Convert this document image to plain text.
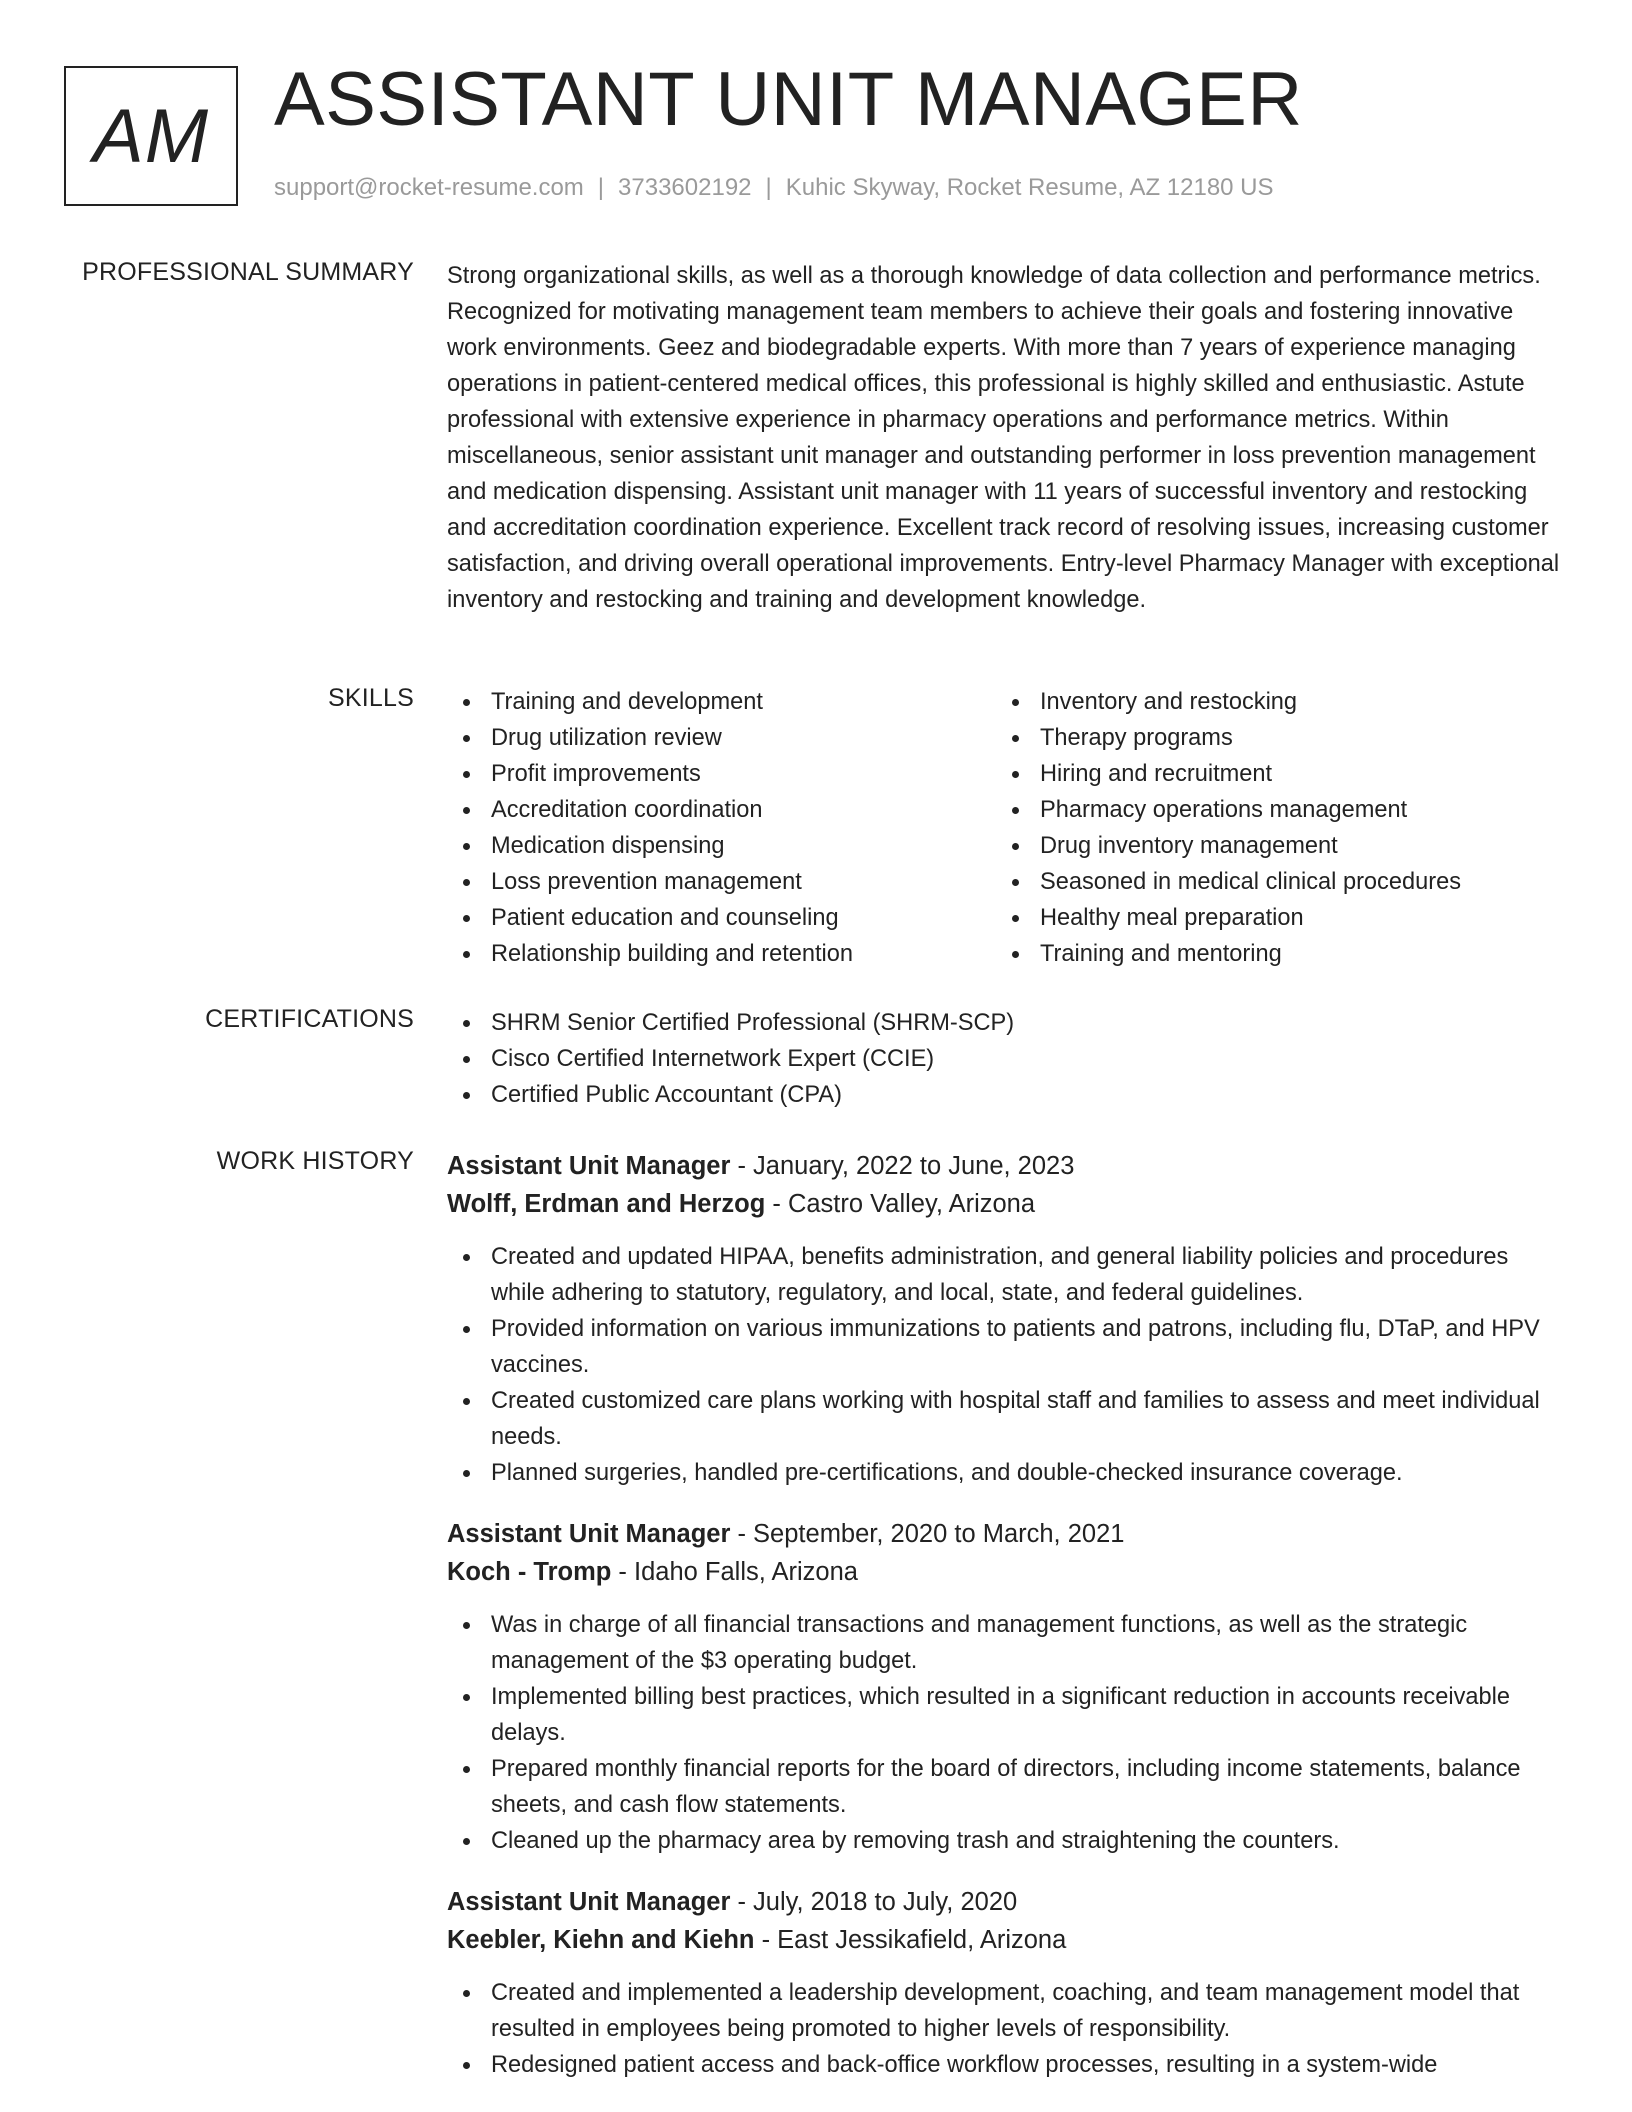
AM ASSISTANT UNIT MANAGER
support@rocket-resume.com | 3733602192 | Kuhic Skyway, Rocket Resume, AZ 12180 US
PROFESSIONAL SUMMARY Strong organizational skills, as well as a thorough knowledge of data collection and performance metrics. Recognized for motivating management team members to achieve their goals and fostering innovative work environments. Geez and biodegradable experts. With more than 7 years of experience managing operations in patient-centered medical offices, this professional is highly skilled and enthusiastic. Astute professional with extensive experience in pharmacy operations and performance metrics. Within miscellaneous, senior assistant unit manager and outstanding performer in loss prevention management and medication dispensing. Assistant unit manager with 11 years of successful inventory and restocking and accreditation coordination experience. Excellent track record of resolving issues, increasing customer satisfaction, and driving overall operational improvements. Entry-level Pharmacy Manager with exceptional inventory and restocking and training and development knowledge.

SKILLS	Training and development
Drug utilization review
Profit improvements
Accreditation coordination
Medication dispensing
Loss prevention management
Patient education and counseling
Relationship building and retention
Inventory and restocking
Therapy programs
Hiring and recruitment
Pharmacy operations management
Drug inventory management
Seasoned in medical clinical procedures
Healthy meal preparation
Training and mentoring
CERTIFICATIONS	SHRM Senior Certified Professional (SHRM-SCP)
Cisco Certified Internetwork Expert (CCIE)
Certified Public Accountant (CPA)
WORK HISTORY Assistant Unit Manager - January, 2022 to June, 2023
Wolff, Erdman and Herzog - Castro Valley, Arizona
Created and updated HIPAA, benefits administration, and general liability policies and procedures while adhering to statutory, regulatory, and local, state, and federal guidelines.
Provided information on various immunizations to patients and patrons, including flu, DTaP, and HPV vaccines.
Created customized care plans working with hospital staff and families to assess and meet individual needs.
Planned surgeries, handled pre-certifications, and double-checked insurance coverage.
Assistant Unit Manager - September, 2020 to March, 2021
Koch - Tromp - Idaho Falls, Arizona
Was in charge of all financial transactions and management functions, as well as the strategic management of the $3 operating budget.
Implemented billing best practices, which resulted in a significant reduction in accounts receivable delays.
Prepared monthly financial reports for the board of directors, including income statements, balance sheets, and cash flow statements.
Cleaned up the pharmacy area by removing trash and straightening the counters.
Assistant Unit Manager - July, 2018 to July, 2020
Keebler, Kiehn and Kiehn - East Jessikafield, Arizona
Created and implemented a leadership development, coaching, and team management model that resulted in employees being promoted to higher levels of responsibility.
Redesigned patient access and back-office workflow processes, resulting in a system-wide
